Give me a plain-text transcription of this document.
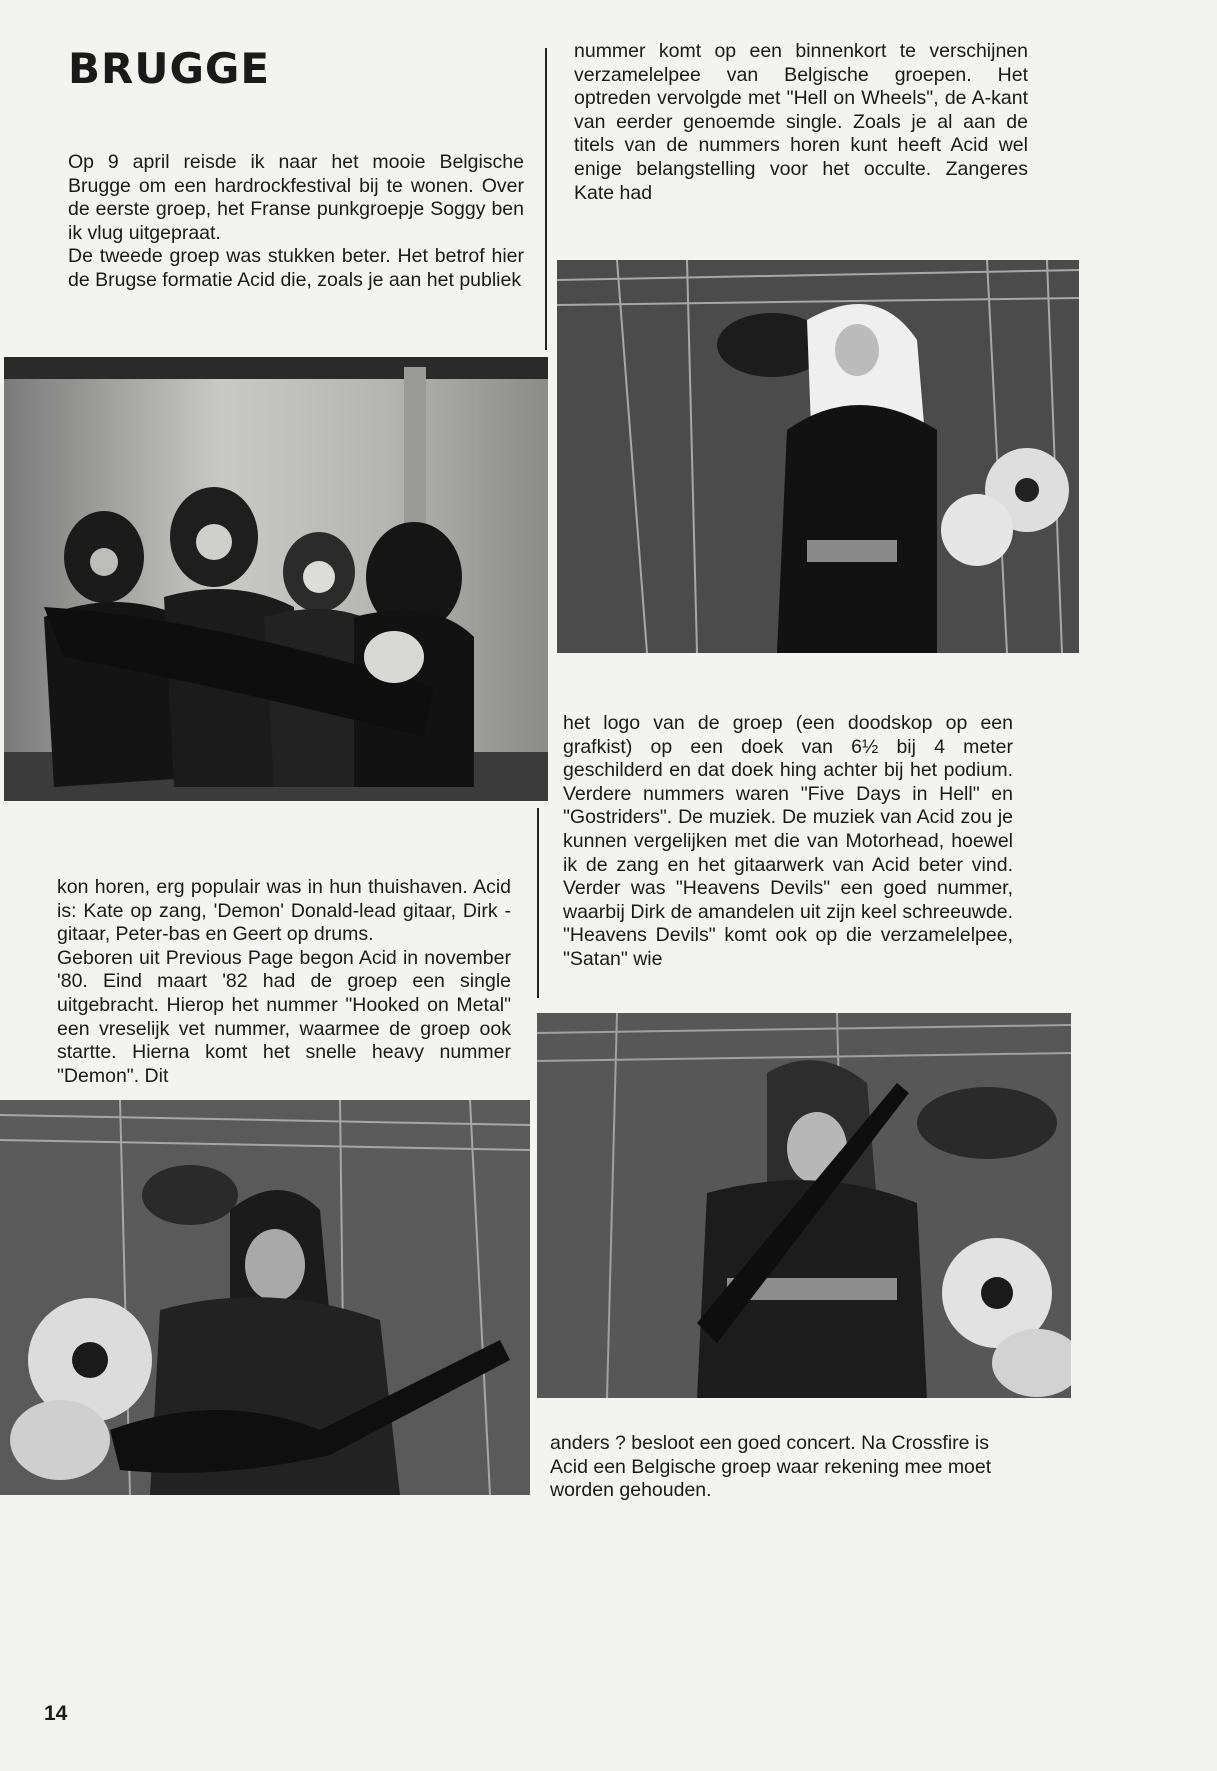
BRUGGE

Op 9 april reisde ik naar het mooie Belgische Brugge om een hardrockfestival bij te wonen. Over de eerste groep, het Franse punkgroepje Soggy ben ik vlug uitgepraat.

De tweede groep was stukken beter. Het betrof hier de Brugse formatie Acid die, zoals je aan het publiek

nummer komt op een binnenkort te verschijnen verzamelelpee van Belgische groepen. Het optreden vervolgde met "Hell on Wheels", de A-kant van eerder genoemde single. Zoals je al aan de titels van de nummers horen kunt heeft Acid wel enige belangstelling voor het occulte. Zangeres Kate had

het logo van de groep (een doodskop op een grafkist) op een doek van 6½ bij 4 meter geschilderd en dat doek hing achter bij het podium. Verdere nummers waren "Five Days in Hell" en "Gostriders". De muziek. De muziek van Acid zou je kunnen vergelijken met die van Motorhead, hoewel ik de zang en het gitaarwerk van Acid beter vind. Verder was "Heavens Devils" een goed nummer, waarbij Dirk de amandelen uit zijn keel schreeuwde. "Heavens Devils" komt ook op die verzamelelpee, "Satan" wie

kon horen, erg populair was in hun thuishaven. Acid is: Kate op zang, 'Demon' Donald-lead gitaar, Dirk - gitaar, Peter-bas en Geert op drums.

Geboren uit Previous Page begon Acid in november '80. Eind maart '82 had de groep een single uitgebracht. Hierop het nummer "Hooked on Metal" een vreselijk vet nummer, waarmee de groep ook startte. Hierna komt het snelle heavy nummer "Demon". Dit

anders ? besloot een goed concert. Na Crossfire is Acid een Belgische groep waar rekening mee moet worden gehouden.

14
